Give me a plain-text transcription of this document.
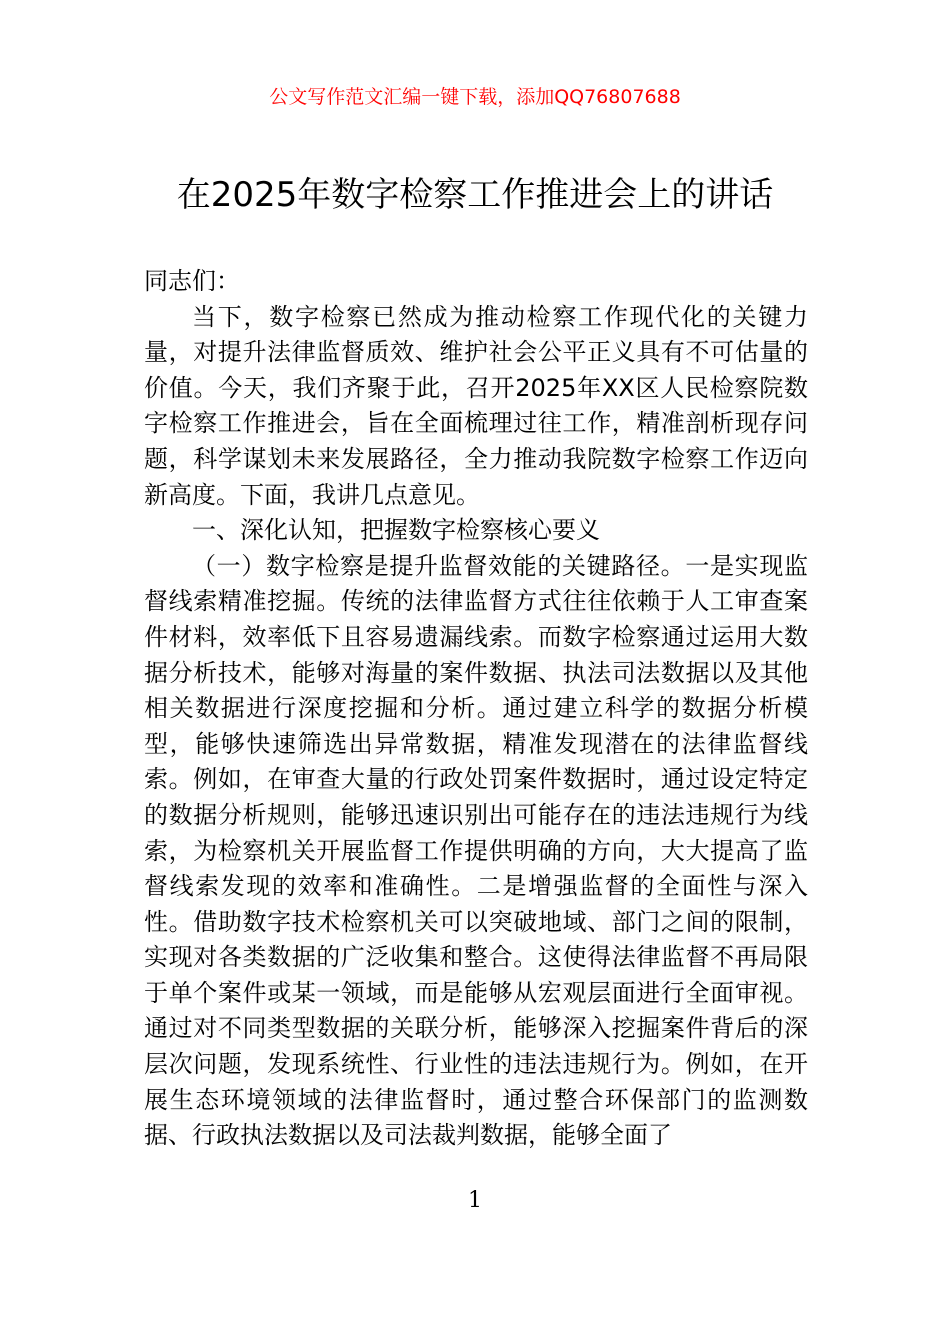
公文写作范文汇编一键下载，添加QQ76807688
在2025年数字检察工作推进会上的讲话

同志们：

当下，数字检察已然成为推动检察工作现代化的关键力量，对提升法律监督质效、维护社会公平正义具有不可估量的价值。今天，我们齐聚于此，召开2025年XX区人民检察院数字检察工作推进会，旨在全面梳理过往工作，精准剖析现存问题，科学谋划未来发展路径，全力推动我院数字检察工作迈向新高度。下面，我讲几点意见。

一、深化认知，把握数字检察核心要义

（一）数字检察是提升监督效能的关键路径。一是实现监督线索精准挖掘。传统的法律监督方式往往依赖于人工审查案件材料，效率低下且容易遗漏线索。而数字检察通过运用大数据分析技术，能够对海量的案件数据、执法司法数据以及其他相关数据进行深度挖掘和分析。通过建立科学的数据分析模型，能够快速筛选出异常数据，精准发现潜在的法律监督线索。例如，在审查大量的行政处罚案件数据时，通过设定特定的数据分析规则，能够迅速识别出可能存在的违法违规行为线索，为检察机关开展监督工作提供明确的方向，大大提高了监督线索发现的效率和准确性。二是增强监督的全面性与深入性。借助数字技术检察机关可以突破地域、部门之间的限制，实现对各类数据的广泛收集和整合。这使得法律监督不再局限于单个案件或某一领域，而是能够从宏观层面进行全面审视。通过对不同类型数据的关联分析，能够深入挖掘案件背后的深层次问题，发现系统性、行业性的违法违规行为。例如，在开展生态环境领域的法律监督时，通过整合环保部门的监测数据、行政执法数据以及司法裁判数据，能够全面了

1
